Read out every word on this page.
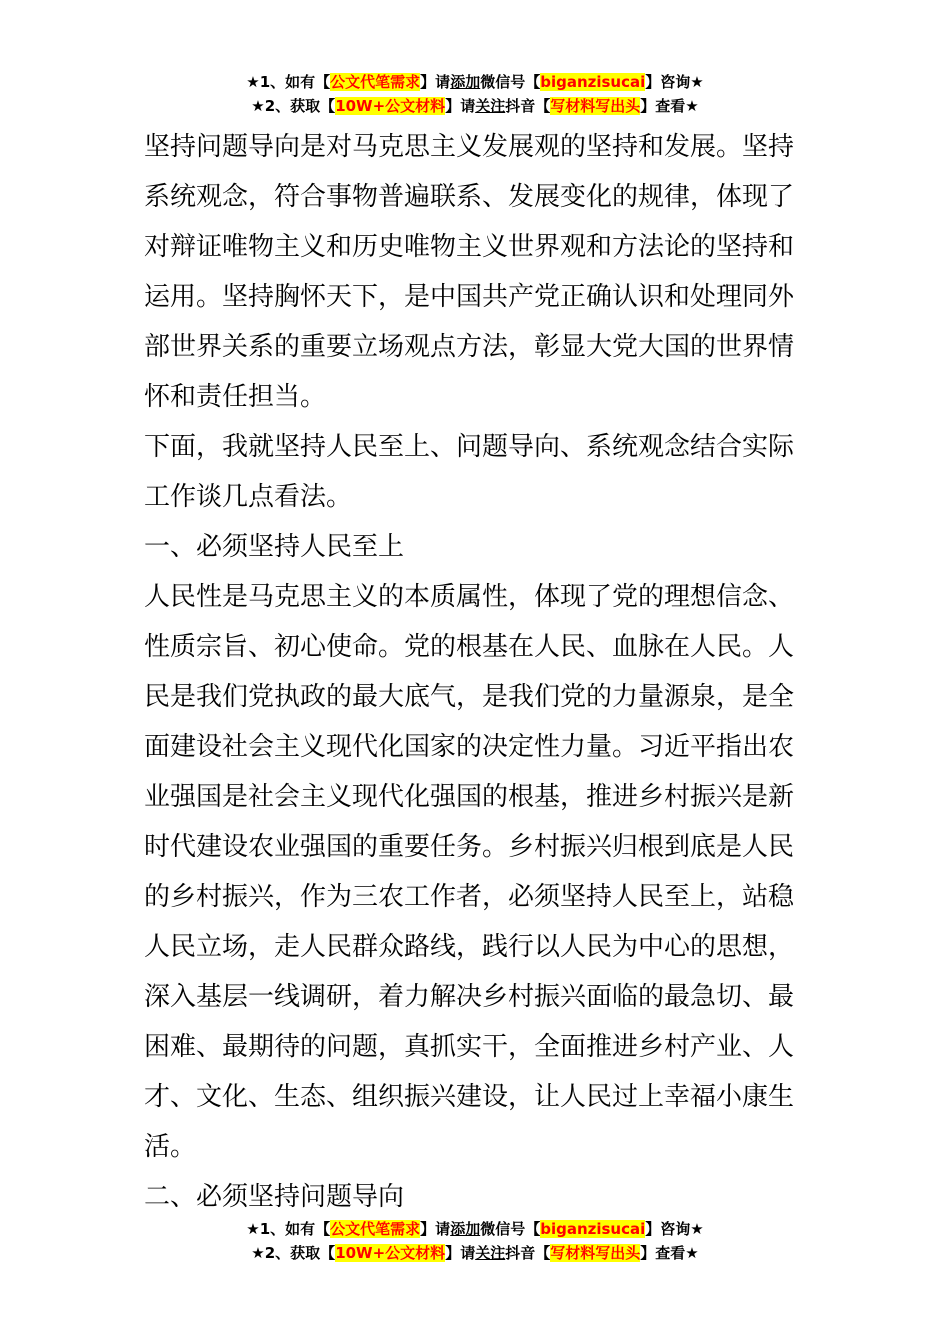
★1、如有【公文代笔需求】请添加微信号【biganzisucai】咨询★
★2、获取【10W+公文材料】请关注抖音【写材料写出头】查看★

坚持问题导向是对马克思主义发展观的坚持和发展。坚持

系统观念，符合事物普遍联系、发展变化的规律，体现了

对辩证唯物主义和历史唯物主义世界观和方法论的坚持和

运用。坚持胸怀天下，是中国共产党正确认识和处理同外

部世界关系的重要立场观点方法，彰显大党大国的世界情

怀和责任担当。

下面，我就坚持人民至上、问题导向、系统观念结合实际

工作谈几点看法。

一、必须坚持人民至上

人民性是马克思主义的本质属性，体现了党的理想信念、

性质宗旨、初心使命。党的根基在人民、血脉在人民。人

民是我们党执政的最大底气，是我们党的力量源泉，是全

面建设社会主义现代化国家的决定性力量。习近平指出农

业强国是社会主义现代化强国的根基，推进乡村振兴是新

时代建设农业强国的重要任务。乡村振兴归根到底是人民

的乡村振兴，作为三农工作者，必须坚持人民至上，站稳

人民立场，走人民群众路线，践行以人民为中心的思想，

深入基层一线调研，着力解决乡村振兴面临的最急切、最

困难、最期待的问题，真抓实干，全面推进乡村产业、人

才、文化、生态、组织振兴建设，让人民过上幸福小康生

活。

二、必须坚持问题导向

★1、如有【公文代笔需求】请添加微信号【biganzisucai】咨询★
★2、获取【10W+公文材料】请关注抖音【写材料写出头】查看★
